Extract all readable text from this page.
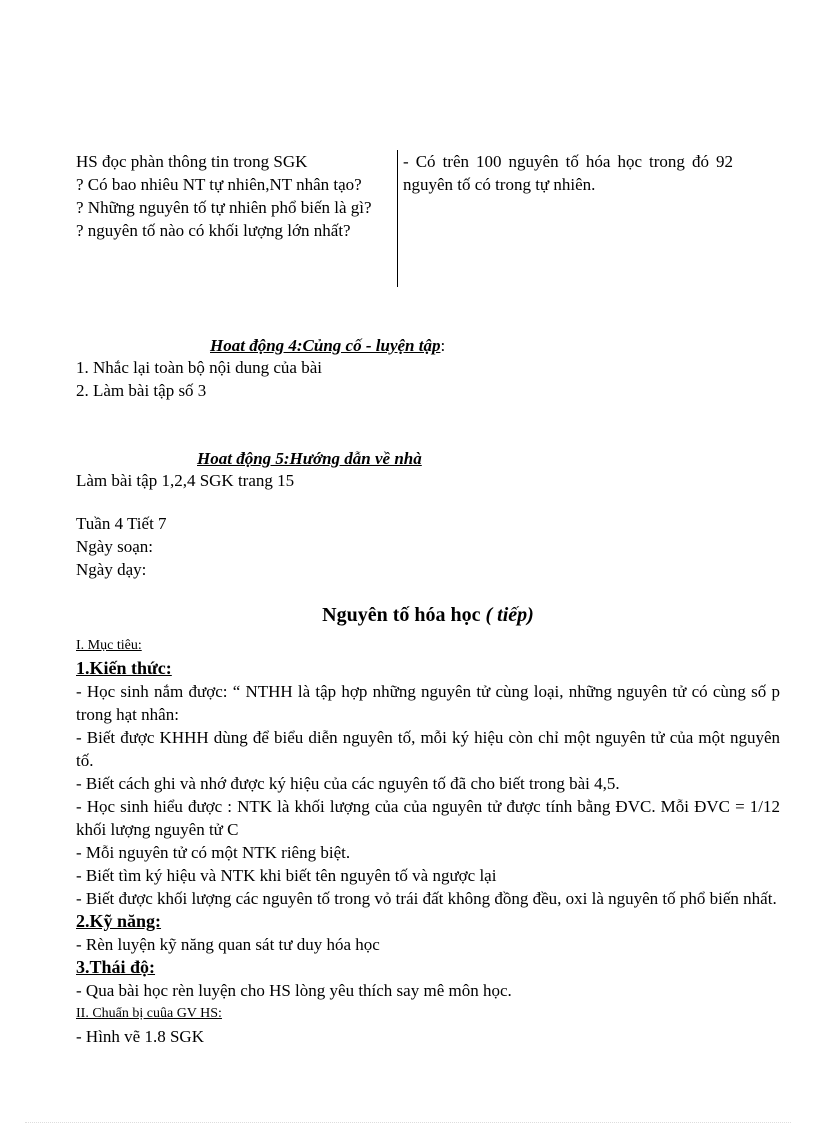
HS đọc phàn thông tin trong SGK
? Có bao nhiêu NT tự nhiên,NT nhân tạo?
? Những nguyên tố tự nhiên phổ biến là gì?
? nguyên tố nào có khối lượng lớn nhất?
- Có trên 100 nguyên tố hóa học trong đó 92 nguyên tố có trong tự nhiên.
Hoat động 4:Củng cố - luyện tập:
1. Nhắc lại toàn bộ nội dung của bài
2. Làm bài tập số 3
Hoat động 5:Hướng dẫn về nhà
Làm bài tập 1,2,4 SGK trang 15
Tuần 4 Tiết 7
Ngày soạn:
Ngày dạy:
Nguyên tố hóa học ( tiếp)
I. Mục tiêu:
1.Kiến thức:
- Học sinh nắm được: “ NTHH là tập hợp những nguyên tử cùng loại, những nguyên tử có cùng số p trong hạt nhân:
- Biết được KHHH dùng để biểu diễn nguyên tố, mỗi ký hiệu còn chỉ một nguyên tử của một nguyên tố.
- Biết cách ghi và nhớ được ký hiệu của các nguyên tố đã cho biết trong bài 4,5.
- Học sinh hiểu được : NTK là khối lượng của của nguyên tử được tính bằng ĐVC. Mỗi ĐVC = 1/12 khối lượng nguyên tử C
- Mỗi nguyên tử có một NTK riêng biệt.
- Biết tìm ký hiệu và NTK khi biết tên nguyên tố và ngược lại
- Biết được khối lượng các nguyên tố trong vỏ trái đất không đồng đều, oxi là nguyên tố phổ biến nhất.
2.Kỹ năng:
- Rèn luyện kỹ năng quan sát tư duy hóa học
3.Thái độ:
- Qua bài học rèn luyện cho HS lòng yêu thích say mê môn học.
II. Chuẩn bị cuûa GV HS:
- Hình vẽ 1.8 SGK
